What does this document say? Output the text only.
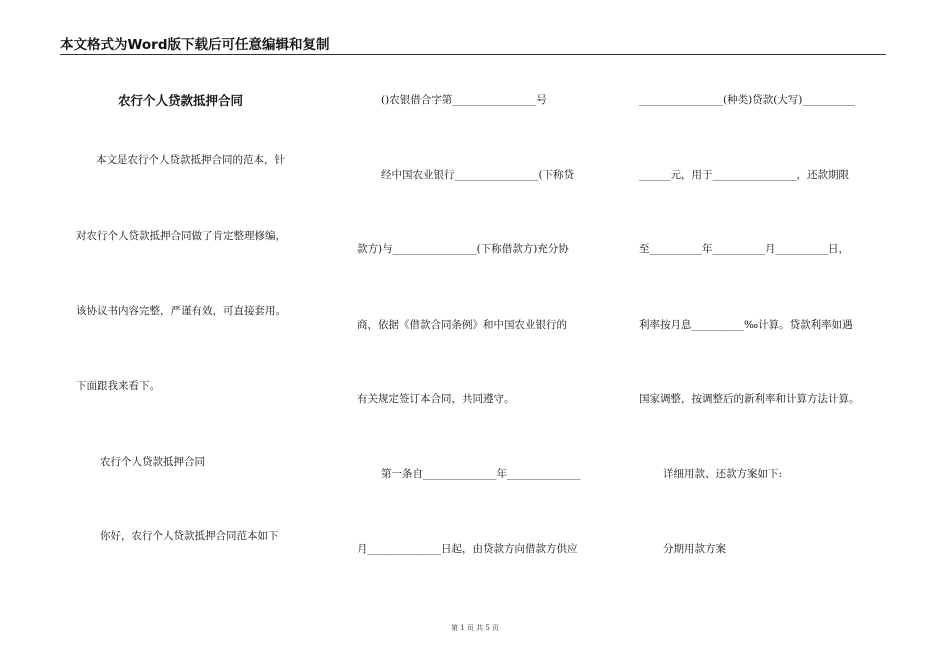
本文格式为Word版下载后可任意编辑和复制
农行个人贷款抵押合同
本文是农行个人贷款抵押合同的范本，针
对农行个人贷款抵押合同做了肯定整理修编，
该协议书内容完整，严谨有效，可直接套用。
下面跟我来看下。
农行个人贷款抵押合同
你好，农行个人贷款抵押合同范本如下
()农银借合字第________________号
经中国农业银行________________(下称贷
款方)与________________(下称借款方)充分协
商，依据《借款合同条例》和中国农业银行的
有关规定签订本合同，共同遵守。
第一条自______________年______________
月______________日起，由贷款方向借款方供应
________________(种类)贷款(大写)__________
______元，用于________________，还款期限
至__________年__________月__________日，
利率按月息__________‰计算。贷款利率如遇
国家调整，按调整后的新利率和计算方法计算。
详细用款、还款方案如下:
分期用款方案
第 1 页 共 5 页
